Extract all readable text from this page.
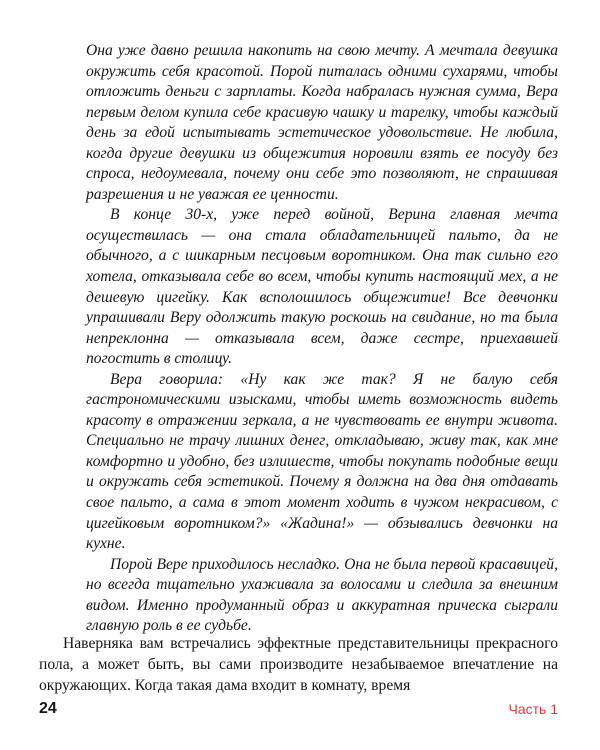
Она уже давно решила накопить на свою мечту. А мечтала девушка окружить себя красотой. Порой питалась одними сухарями, чтобы отложить деньги с зарплаты. Когда набралась нужная сумма, Вера первым делом купила себе красивую чашку и тарелку, чтобы каждый день за едой испытывать эстетическое удовольствие. Не любила, когда другие девушки из общежития норовили взять ее посуду без спроса, недоумевала, почему они себе это позволяют, не спрашивая разрешения и не уважая ее ценности.

В конце 30-х, уже перед войной, Верина главная мечта осуществилась — она стала обладательницей пальто, да не обычного, а с шикарным песцовым воротником. Она так сильно его хотела, отказывала себе во всем, чтобы купить настоящий мех, а не дешевую цигейку. Как всполошилось общежитие! Все девчонки упрашивали Веру одолжить такую роскошь на свидание, но та была непреклонна — отказывала всем, даже сестре, приехавшей погостить в столицу.

Вера говорила: «Ну как же так? Я не балую себя гастрономическими изысками, чтобы иметь возможность видеть красоту в отражении зеркала, а не чувствовать ее внутри живота. Специально не трачу лишних денег, откладываю, живу так, как мне комфортно и удобно, без излишеств, чтобы покупать подобные вещи и окружать себя эстетикой. Почему я должна на два дня отдавать свое пальто, а сама в этот момент ходить в чужом некрасивом, с цигейковым воротником?» «Жадина!» — обзывались девчонки на кухне.

Порой Вере приходилось несладко. Она не была первой красавицей, но всегда тщательно ухаживала за волосами и следила за внешним видом. Именно продуманный образ и аккуратная прическа сыграли главную роль в ее судьбе.

Наверняка вам встречались эффектные представительницы прекрасного пола, а может быть, вы сами производите незабываемое впечатление на окружающих. Когда такая дама входит в комнату, время

24	Часть 1
